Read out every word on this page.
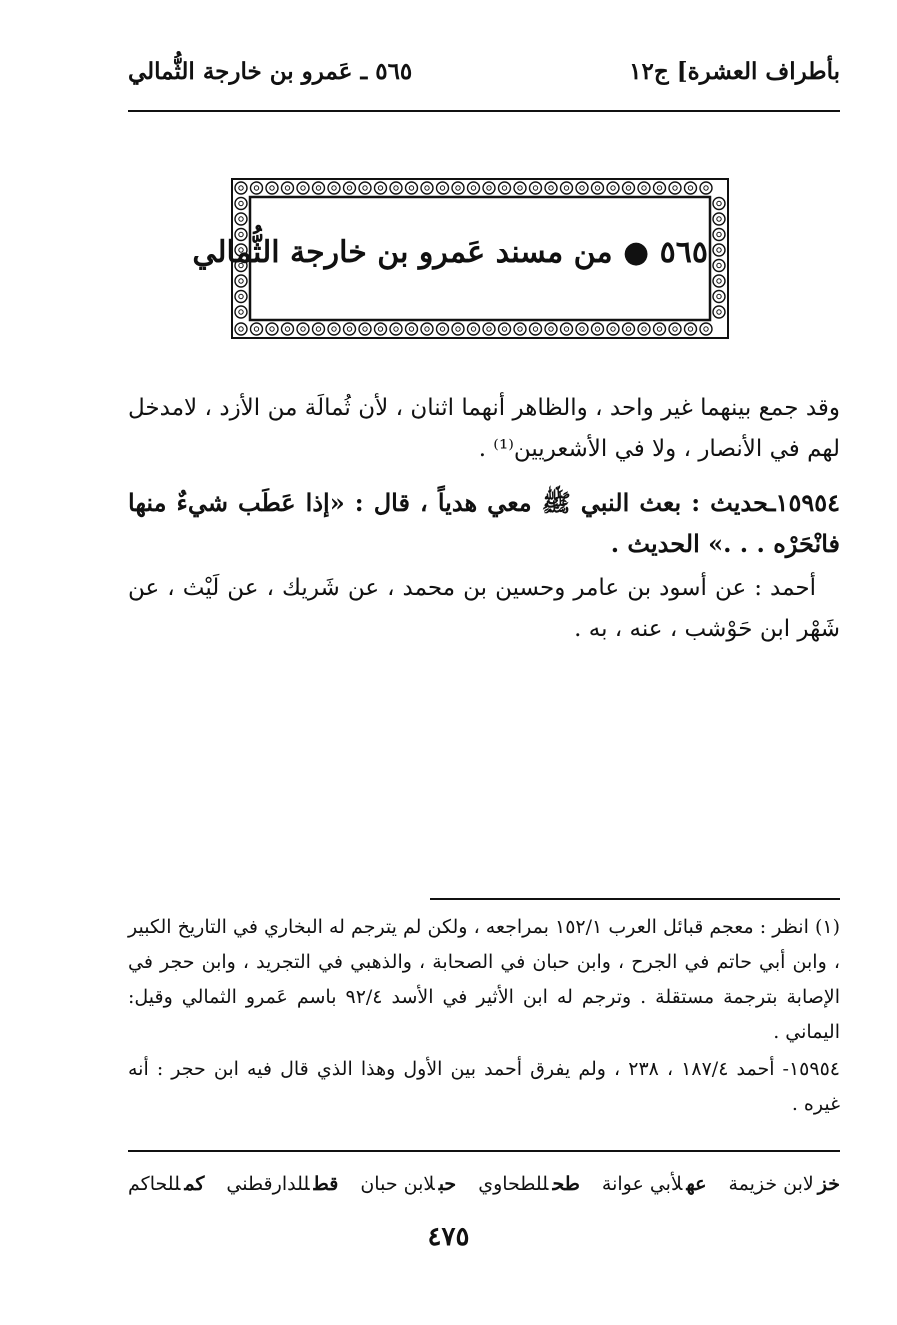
بأطراف العشرة] ج١٢
٥٦٥ ـ عَمرو بن خارجة الثُّمالي
٥٦٥ ● من مسند عَمرو بن خارجة الثُّمالي

وقد جمع بينهما غير واحد ، والظاهر أنهما اثنان ، لأن ثُمالَة من الأزد ، لامدخل لهم في الأنصار ، ولا في الأشعريين⁽¹⁾ .

١٥٩٥٤ـحديث : بعث النبي ﷺ معي هدياً ، قال : «إذا عَطَب شيءٌ منها فانْحَرْه . . .» الحديث .

أحمد : عن أسود بن عامر وحسين بن محمد ، عن شَريك ، عن لَيْث ، عن شَهْر ابن حَوْشب ، عنه ، به .

(١) انظر : معجم قبائل العرب ١٥٢/١ بمراجعه ، ولكن لم يترجم له البخاري في التاريخ الكبير ، وابن أبي حاتم في الجرح ، وابن حبان في الصحابة ، والذهبي في التجريد ، وابن حجر في الإصابة بترجمة مستقلة . وترجم له ابن الأثير في الأسد ٩٢/٤ باسم عَمرو الثمالي وقيل: اليماني .

١٥٩٥٤- أحمد ١٨٧/٤ ، ٢٣٨ ، ولم يفرق أحمد بين الأول وهذا الذي قال فيه ابن حجر : أنه غيره .

خزلابن خزيمة
عهلأبي عوانة
طحللطحاوي
حبلابن حبان
قطللدارقطني
كمللحاكم
٤٧٥
